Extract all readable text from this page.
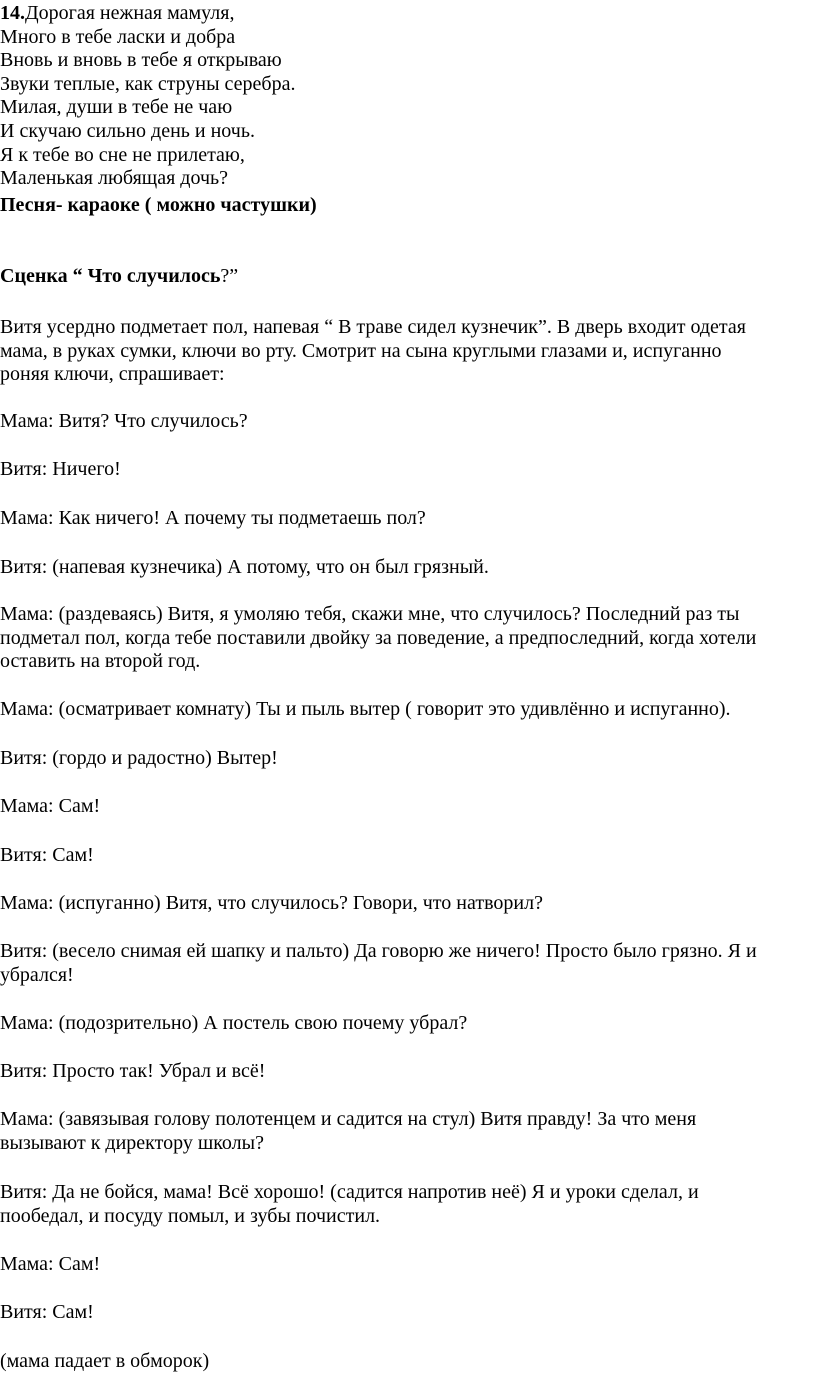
14.Дорогая нежная мамуля,
Много в тебе ласки и добра
Вновь и вновь в тебе я открываю
Звуки теплые, как струны серебра.
Милая, души в тебе не чаю
И скучаю сильно день и ночь.
Я к тебе во сне не прилетаю,
Маленькая любящая дочь?
Песня- караоке ( можно частушки)
Сценка “ Что случилось?”
Витя усердно подметает пол, напевая “ В траве сидел кузнечик”. В дверь входит одетая
мама, в руках сумки, ключи во рту. Смотрит на сына круглыми глазами и, испуганно
роняя ключи, спрашивает:
Мама: Витя? Что случилось?
Витя: Ничего!
Мама: Как ничего! А почему ты подметаешь пол?
Витя: (напевая кузнечика) А потому, что он был грязный.
Мама: (раздеваясь) Витя, я умоляю тебя, скажи мне, что случилось? Последний раз ты
подметал пол, когда тебе поставили двойку за поведение, а предпоследний, когда хотели
оставить на второй год.
Мама: (осматривает комнату) Ты и пыль вытер ( говорит это удивлённо и испуганно).
Витя: (гордо и радостно) Вытер!
Мама: Сам!
Витя: Сам!
Мама: (испуганно) Витя, что случилось? Говори, что натворил?
Витя: (весело снимая ей шапку и пальто) Да говорю же ничего! Просто было грязно. Я и
убрался!
Мама: (подозрительно) А постель свою почему убрал?
Витя: Просто так! Убрал и всё!
Мама: (завязывая голову полотенцем и садится на стул) Витя правду! За что меня
вызывают к директору школы?
Витя: Да не бойся, мама! Всё хорошо! (садится напротив неё) Я и уроки сделал, и
пообедал, и посуду помыл, и зубы почистил.
Мама: Сам!
Витя: Сам!
(мама падает в обморок)
